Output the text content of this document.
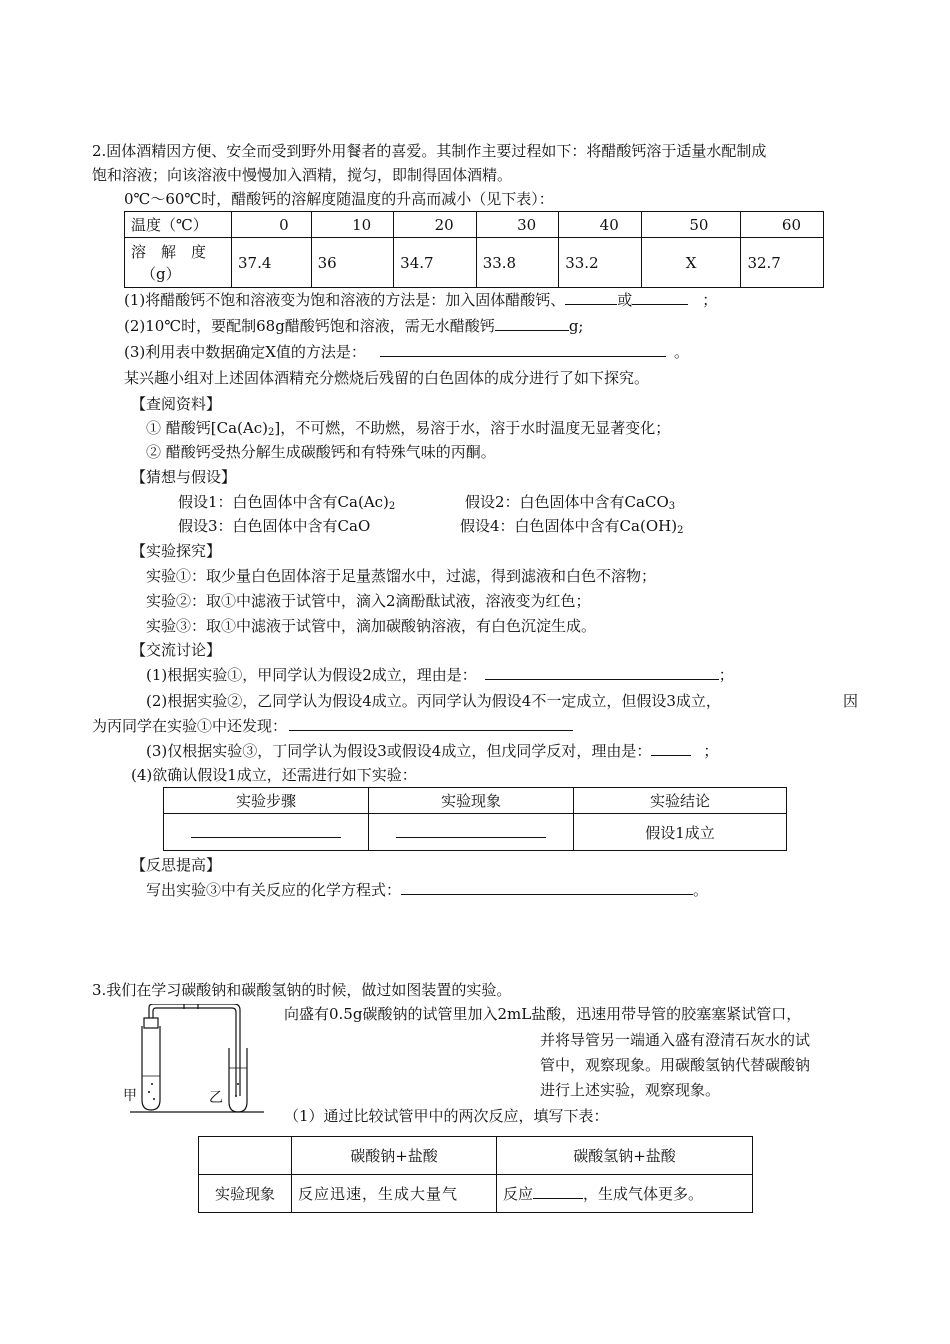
2.固体酒精因方便、安全而受到野外用餐者的喜爱。其制作主要过程如下：将醋酸钙溶于适量水配制成
饱和溶液；向该溶液中慢慢加入酒精，搅匀，即制得固体酒精。
0℃～60℃时，醋酸钙的溶解度随温度的升高而减小（见下表）：
温度（℃）	0	10	20	30	40	50	60

溶　解　度
（g）	37.4	36	34.7	33.8	33.2	X	32.7
(1)将醋酸钙不饱和溶液变为饱和溶液的方法是：加入固体醋酸钙、	或	；
(2)10℃时，要配制68g醋酸钙饱和溶液，需无水醋酸钙	g;
(3)利用表中数据确定X值的方法是：	。
某兴趣小组对上述固体酒精充分燃烧后残留的白色固体的成分进行了如下探究。
【查阅资料】
① 醋酸钙$[Ca(Ac)_2]$，不可燃，不助燃，易溶于水，溶于水时温度无显著变化；
② 醋酸钙受热分解生成碳酸钙和有特殊气味的丙酮。
【猜想与假设】
假设1：白色固体中含有$Ca(Ac)_2$	假设2：白色固体中含有CaCO$_3$
假设3：白色固体中含有CaO	假设4：白色固体中含有$Ca(OH)_2$
【实验探究】
实验①：取少量白色固体溶于足量蒸馏水中，过滤，得到滤液和白色不溶物；
实验②：取①中滤液于试管中，滴入2滴酚酞试液，溶液变为红色；
实验③：取①中滤液于试管中，滴加碳酸钠溶液，有白色沉淀生成。
【交流讨论】
(1)根据实验①，甲同学认为假设2成立，理由是：	；
(2)根据实验②，乙同学认为假设4成立。丙同学认为假设4不一定成立，但假设3成立，	因
为丙同学在实验①中还发现：
(3)仅根据实验③，丁同学认为假设3或假设4成立，但戊同学反对，理由是：	；
(4)欲确认假设1成立，还需进行如下实验：
实验步骤	实验现象	实验结论
		假设1成立
【反思提高】
写出实验③中有关反应的化学方程式：	。
3.我们在学习碳酸钠和碳酸氢钠的时候，做过如图装置的实验。
甲	乙
向盛有0.5g碳酸钠的试管里加入2mL盐酸，迅速用带导管的胶塞塞紧试管口，
并将导管另一端通入盛有澄清石灰水的试
管中，观察现象。用碳酸氢钠代替碳酸钠
进行上述实验，观察现象。
（1）通过比较试管甲中的两次反应，填写下表：
	碳酸钠+盐酸	碳酸氢钠+盐酸
实验现象	反应迅速，生成大量气	反应 ，生成气体更多。
